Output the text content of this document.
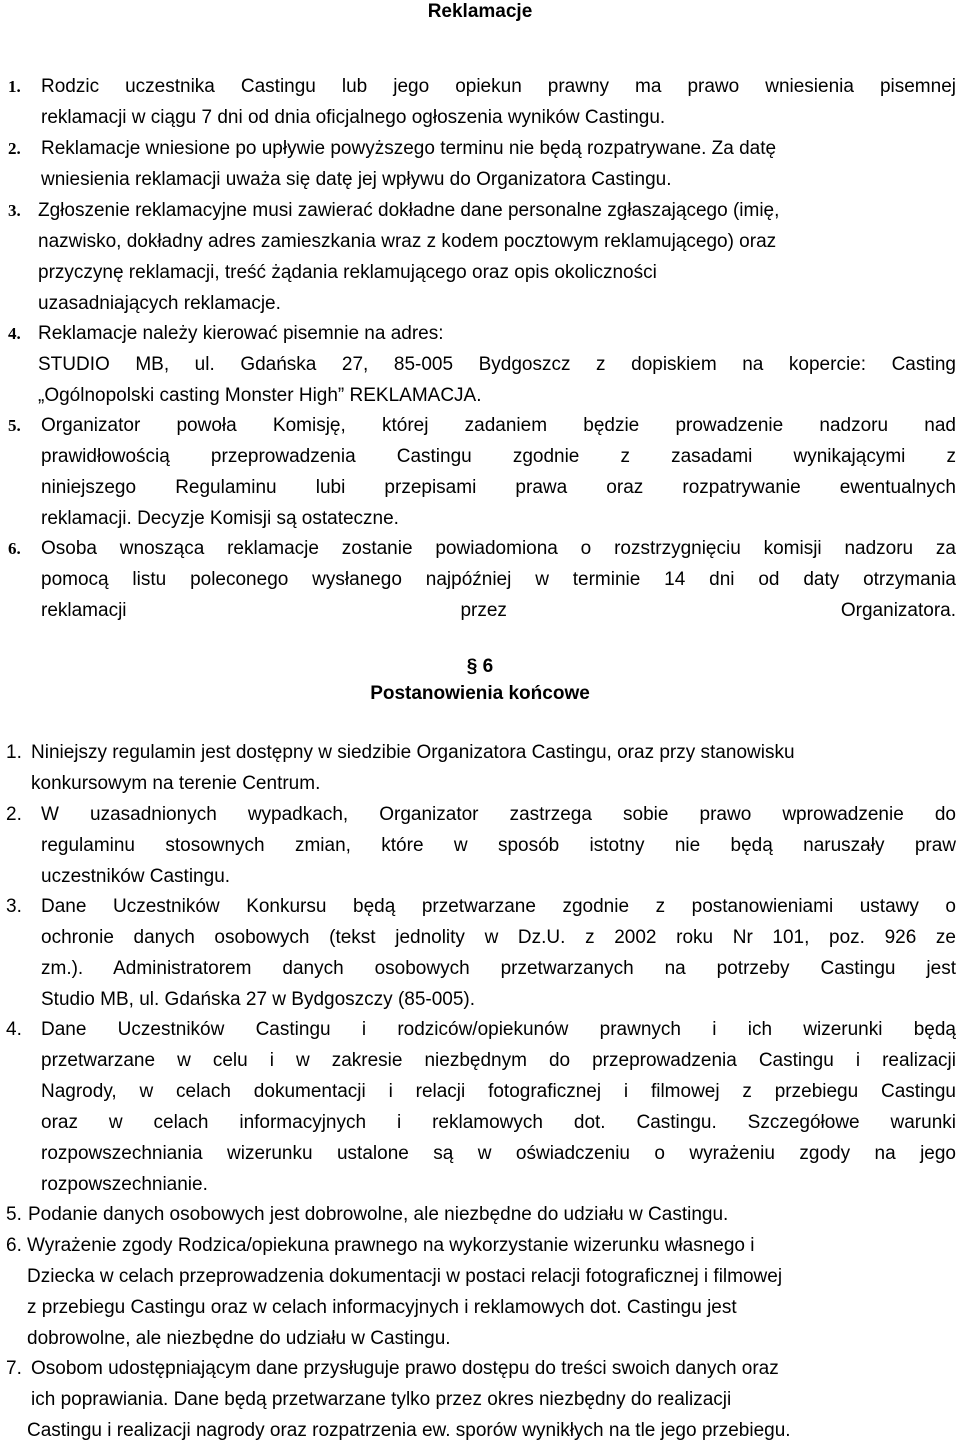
Reklamacje
1. Rodzic uczestnika Castingu lub jego opiekun prawny ma prawo wniesienia pisemnej
reklamacji w ciągu 7 dni od dnia oficjalnego ogłoszenia wyników Castingu.
2. Reklamacje wniesione po upływie powyższego terminu nie będą rozpatrywane. Za datę
wniesienia reklamacji uważa się datę jej wpływu do Organizatora Castingu.
3. Zgłoszenie reklamacyjne musi zawierać dokładne dane personalne zgłaszającego (imię,
nazwisko, dokładny adres zamieszkania wraz z kodem pocztowym reklamującego) oraz
przyczynę reklamacji, treść żądania reklamującego oraz opis okoliczności
uzasadniających reklamacje.
4. Reklamacje należy kierować pisemnie na adres:
STUDIO MB, ul. Gdańska 27, 85-005 Bydgoszcz z dopiskiem na kopercie: Casting
„Ogólnopolski casting Monster High” REKLAMACJA.
5. Organizator powoła Komisję, której zadaniem będzie prowadzenie nadzoru nad
prawidłowością przeprowadzenia Castingu zgodnie z zasadami wynikającymi z
niniejszego Regulaminu lubi przepisami prawa oraz rozpatrywanie ewentualnych
reklamacji. Decyzje Komisji są ostateczne.
6. Osoba wnosząca reklamacje zostanie powiadomiona o rozstrzygnięciu komisji nadzoru za
pomocą listu poleconego wysłanego najpóźniej w terminie 14 dni od daty otrzymania
reklamacji przez Organizatora.
§ 6
Postanowienia końcowe
1. Niniejszy regulamin jest dostępny w siedzibie Organizatora Castingu, oraz przy stanowisku
konkursowym na terenie Centrum.
2. W uzasadnionych wypadkach, Organizator zastrzega sobie prawo wprowadzenie do
regulaminu stosownych zmian, które w sposób istotny nie będą naruszały praw
uczestników Castingu.
3. Dane Uczestników Konkursu będą przetwarzane zgodnie z postanowieniami ustawy o
ochronie danych osobowych (tekst jednolity w Dz.U. z 2002 roku Nr 101, poz. 926 ze
zm.). Administratorem danych osobowych przetwarzanych na potrzeby Castingu jest
Studio MB, ul. Gdańska 27 w Bydgoszczy (85-005).
4. Dane Uczestników Castingu i rodziców/opiekunów prawnych i ich wizerunki będą
przetwarzane w celu i w zakresie niezbędnym do przeprowadzenia Castingu i realizacji
Nagrody, w celach dokumentacji i relacji fotograficznej i filmowej z przebiegu Castingu
oraz w celach informacyjnych i reklamowych dot. Castingu. Szczegółowe warunki
rozpowszechniania wizerunku ustalone są w oświadczeniu o wyrażeniu zgody na jego
rozpowszechnianie.
5. Podanie danych osobowych jest dobrowolne, ale niezbędne do udziału w Castingu.
6. Wyrażenie zgody Rodzica/opiekuna prawnego na wykorzystanie wizerunku własnego i
Dziecka w celach przeprowadzenia dokumentacji w postaci relacji fotograficznej i filmowej
z przebiegu Castingu oraz w celach informacyjnych i reklamowych dot. Castingu jest
dobrowolne, ale niezbędne do udziału w Castingu.
7. Osobom udostępniającym dane przysługuje prawo dostępu do treści swoich danych oraz
ich poprawiania. Dane będą przetwarzane tylko przez okres niezbędny do realizacji
Castingu i realizacji nagrody oraz rozpatrzenia ew. sporów wynikłych na tle jego przebiegu.
